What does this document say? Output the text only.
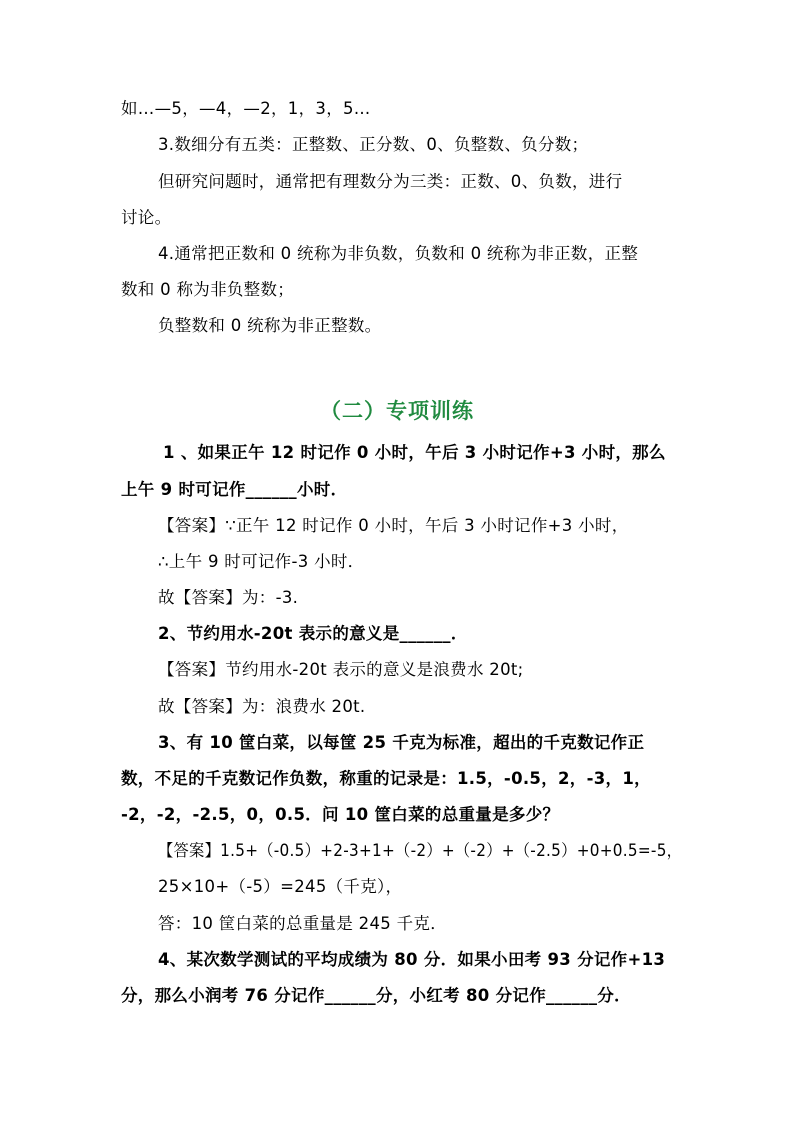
如…—5，—4，—2，1，3，5…
3.数细分有五类：正整数、正分数、0、负整数、负分数；
但研究问题时，通常把有理数分为三类：正数、0、负数，进行
讨论。
4.通常把正数和 0 统称为非负数，负数和 0 统称为非正数，正整
数和 0 称为非负整数；
负整数和 0 统称为非正整数。
（二）专项训练
1 、如果正午 12 时记作 0 小时，午后 3 小时记作+3 小时，那么
上午 9 时可记作______小时．
【答案】∵正午 12 时记作 0 小时，午后 3 小时记作+3 小时，
∴上午 9 时可记作-3 小时．
故【答案】为：-3.
2、节约用水-20t 表示的意义是______．
【答案】节约用水-20t 表示的意义是浪费水 20t;
故【答案】为：浪费水 20t.
3、有 10 筐白菜，以每筐 25 千克为标准，超出的千克数记作正
数，不足的千克数记作负数，称重的记录是：1.5，-0.5，2，-3，1，
-2，-2，-2.5，0，0.5．问 10 筐白菜的总重量是多少？
【答案】1.5+（-0.5）+2-3+1+（-2）+（-2）+（-2.5）+0+0.5=-5，
25×10+（-5）=245（千克），
答：10 筐白菜的总重量是 245 千克．
4、某次数学测试的平均成绩为 80 分．如果小田考 93 分记作+13
分，那么小润考 76 分记作______分，小红考 80 分记作______分．
